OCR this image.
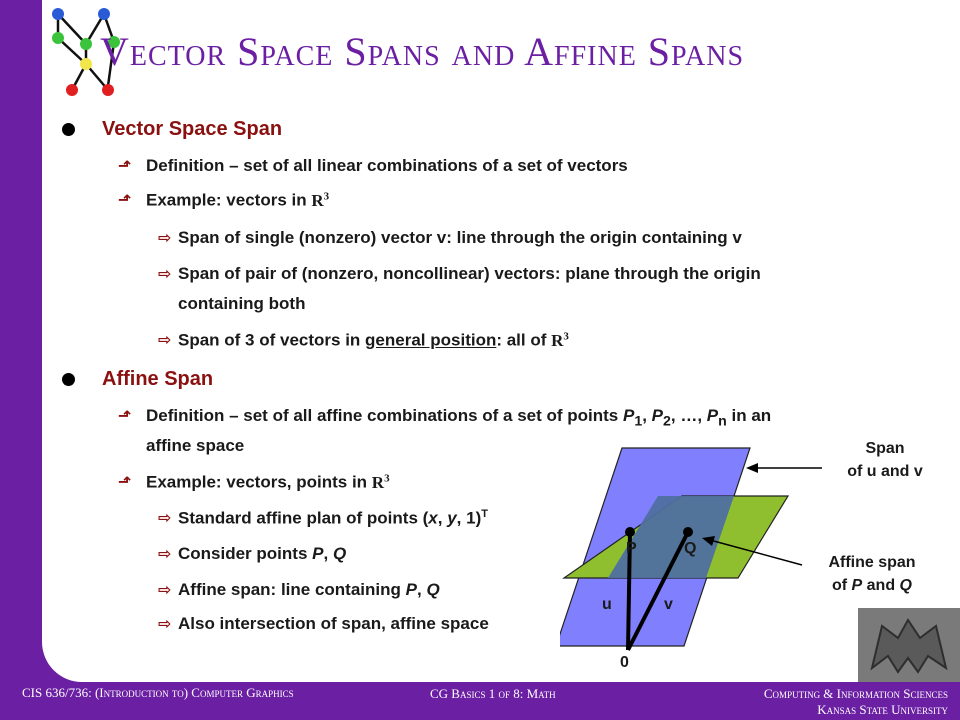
Vector Space Spans and Affine Spans
Vector Space Span
⬏ Definition – set of all linear combinations of a set of vectors
⬏ Example: vectors in $R^3$
⇨ Span of single (nonzero) vector v: line through the origin containing v
⇨ Span of pair of (nonzero, noncollinear) vectors: plane through the origin
containing both
⇨ Span of 3 of vectors in general position: all of $R^3$
Affine Span
⬏ Definition – set of all affine combinations of a set of points $P_1$, $P_2$, …, $P_n$ in an
affine space
⬏ Example: vectors, points in $R^3$
⇨ Standard affine plan of points (x, y, 1)$^T$
⇨ Consider points P, Q
⇨ Affine span: line containing P, Q
⇨ Also intersection of span, affine space
P	Q
u	v
0
Span
of u and v
Affine span
of P and Q
CIS 636/736: (Introduction to) Computer Graphics	CG Basics 1 of 8: Math	Computing & Information Sciences
Kansas State University
